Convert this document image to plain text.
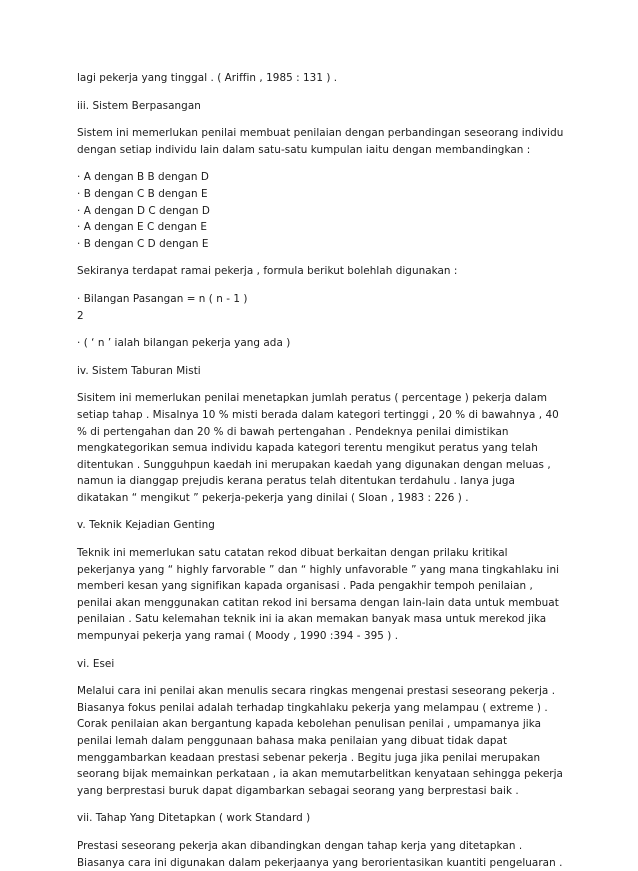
lagi pekerja yang tinggal . ( Ariffin , 1985 : 131 ) .

iii. Sistem Berpasangan

Sistem ini memerlukan penilai membuat penilaian dengan perbandingan seseorang individu
dengan setiap individu lain dalam satu-satu kumpulan iaitu dengan membandingkan :

· A dengan B B dengan D
· B dengan C B dengan E
· A dengan D C dengan D
· A dengan E C dengan E
· B dengan C D dengan E

Sekiranya terdapat ramai pekerja , formula berikut bolehlah digunakan :

· Bilangan Pasangan = n ( n - 1 )
2

· ( ‘ n ’ ialah bilangan pekerja yang ada )

iv. Sistem Taburan Misti

Sisitem ini memerlukan penilai menetapkan jumlah peratus ( percentage ) pekerja dalam
setiap tahap . Misalnya 10 % misti berada dalam kategori tertinggi , 20 % di bawahnya , 40
% di pertengahan dan 20 % di bawah pertengahan . Pendeknya penilai dimistikan
mengkategorikan semua individu kapada kategori terentu mengikut peratus yang telah
ditentukan . Sungguhpun kaedah ini merupakan kaedah yang digunakan dengan meluas ,
namun ia dianggap prejudis kerana peratus telah ditentukan terdahulu . Ianya juga
dikatakan “ mengikut ” pekerja-pekerja yang dinilai ( Sloan , 1983 : 226 ) .

v. Teknik Kejadian Genting

Teknik ini memerlukan satu catatan rekod dibuat berkaitan dengan prilaku kritikal
pekerjanya yang “ highly farvorable ” dan “ highly unfavorable ” yang mana tingkahlaku ini
memberi kesan yang signifikan kapada organisasi . Pada pengakhir tempoh penilaian ,
penilai akan menggunakan catitan rekod ini bersama dengan lain-lain data untuk membuat
penilaian . Satu kelemahan teknik ini ia akan memakan banyak masa untuk merekod jika
mempunyai pekerja yang ramai ( Moody , 1990 :394 - 395 ) .

vi. Esei

Melalui cara ini penilai akan menulis secara ringkas mengenai prestasi seseorang pekerja .
Biasanya fokus penilai adalah terhadap tingkahlaku pekerja yang melampau ( extreme ) .
Corak penilaian akan bergantung kapada kebolehan penulisan penilai , umpamanya jika
penilai lemah dalam penggunaan bahasa maka penilaian yang dibuat tidak dapat
menggambarkan keadaan prestasi sebenar pekerja . Begitu juga jika penilai merupakan
seorang bijak memainkan perkataan , ia akan memutarbelitkan kenyataan sehingga pekerja
yang berprestasi buruk dapat digambarkan sebagai seorang yang berprestasi baik .

vii. Tahap Yang Ditetapkan ( work Standard )

Prestasi seseorang pekerja akan dibandingkan dengan tahap kerja yang ditetapkan .
Biasanya cara ini digunakan dalam pekerjaanya yang berorientasikan kuantiti pengeluaran .
